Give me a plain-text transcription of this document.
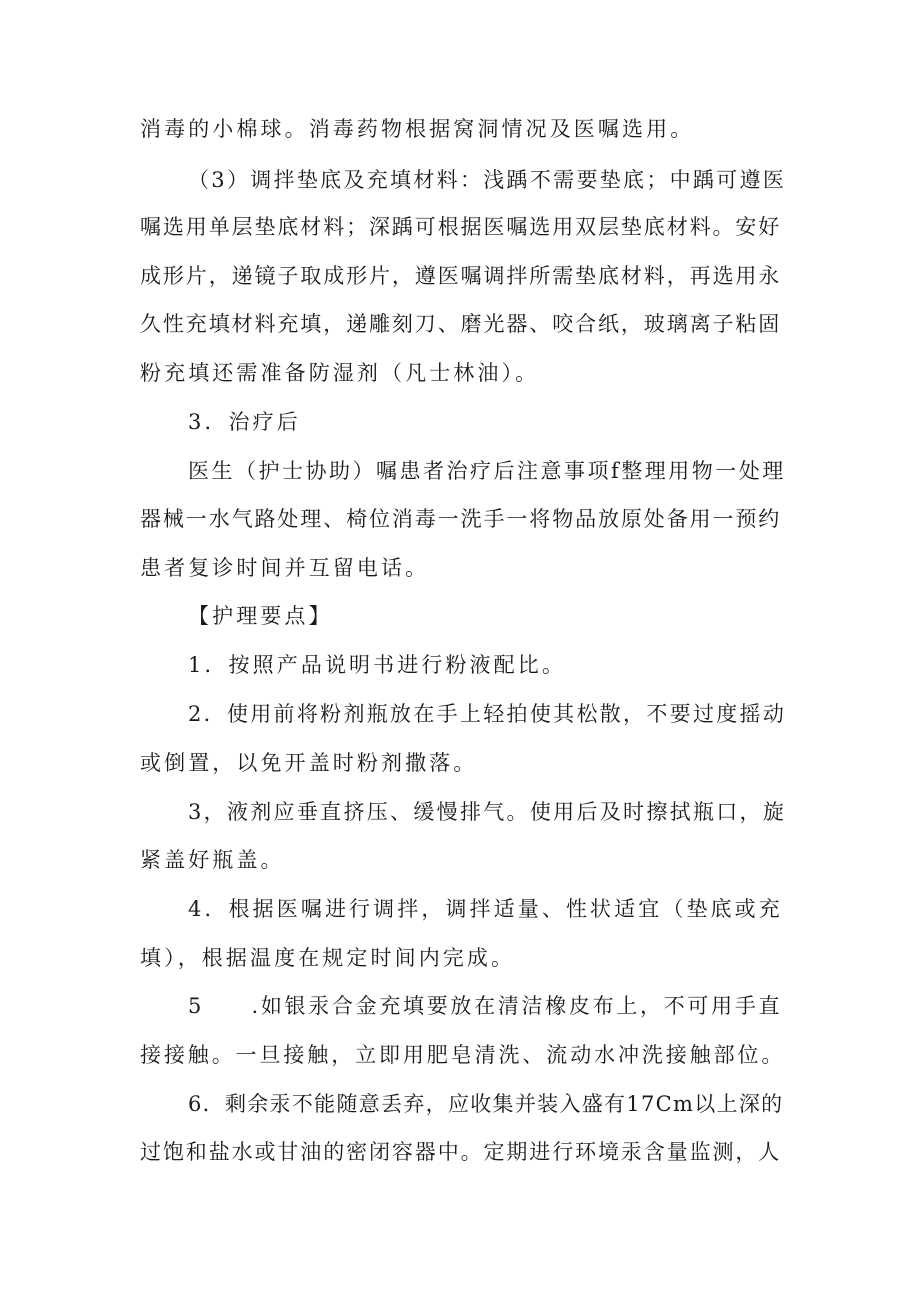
消毒的小棉球。消毒药物根据窝洞情况及医嘱选用。
（3）调拌垫底及充填材料：浅踽不需要垫底；中踽可遵医
嘱选用单层垫底材料；深踽可根据医嘱选用双层垫底材料。安好
成形片，递镜子取成形片，遵医嘱调拌所需垫底材料，再选用永
久性充填材料充填，递雕刻刀、磨光器、咬合纸，玻璃离子粘固
粉充填还需准备防湿剂（凡士林油）。
3．治疗后
医生（护士协助）嘱患者治疗后注意事项f整理用物一处理
器械一水气路处理、椅位消毒一洗手一将物品放原处备用一预约
患者复诊时间并互留电话。
【护理要点】
1．按照产品说明书进行粉液配比。
2．使用前将粉剂瓶放在手上轻拍使其松散，不要过度摇动
或倒置，以免开盖时粉剂撒落。
3，液剂应垂直挤压、缓慢排气。使用后及时擦拭瓶口，旋
紧盖好瓶盖。
4．根据医嘱进行调拌，调拌适量、性状适宜（垫底或充
填），根据温度在规定时间内完成。
5　　.如银汞合金充填要放在清洁橡皮布上，不可用手直
接接触。一旦接触，立即用肥皂清洗、流动水冲洗接触部位。
6．剩余汞不能随意丢弃，应收集并装入盛有17Cm以上深的
过饱和盐水或甘油的密闭容器中。定期进行环境汞含量监测，人
